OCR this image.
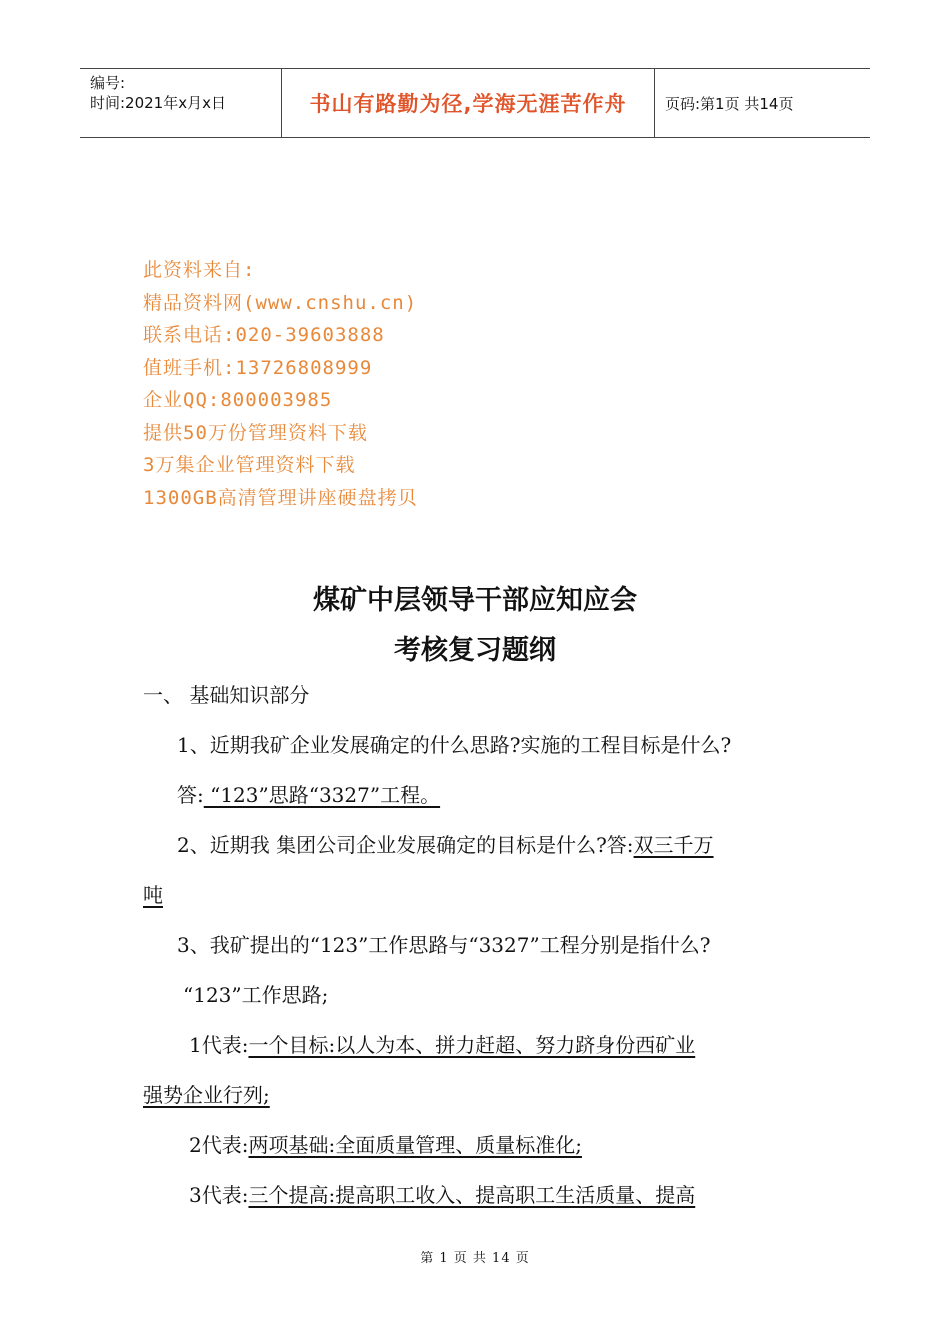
编号:
时间:2021年x月x日	书山有路勤为径,学海无涯苦作舟	页码:第1页 共14页
此资料来自:
精品资料网(www.cnshu.cn)
联系电话:020-39603888
值班手机:13726808999
企业QQ:800003985
提供50万份管理资料下载
3万集企业管理资料下载
1300GB高清管理讲座硬盘拷贝
煤矿中层领导干部应知应会
考核复习题纲
一、 基础知识部分
1、近期我矿企业发展确定的什么思路?实施的工程目标是什么?
答: “123”思路“3327”工程。
2、近期我 集团公司企业发展确定的目标是什么?答:双三千万
吨
3、我矿提出的“123”工作思路与“3327”工程分别是指什么?
“123”工作思路;
1代表:一个目标:以人为本、拼力赶超、努力跻身份西矿业
强势企业行列;
2代表:两项基础:全面质量管理、质量标准化;
3代表:三个提高:提高职工收入、提高职工生活质量、提高
第 1 页 共 14 页
